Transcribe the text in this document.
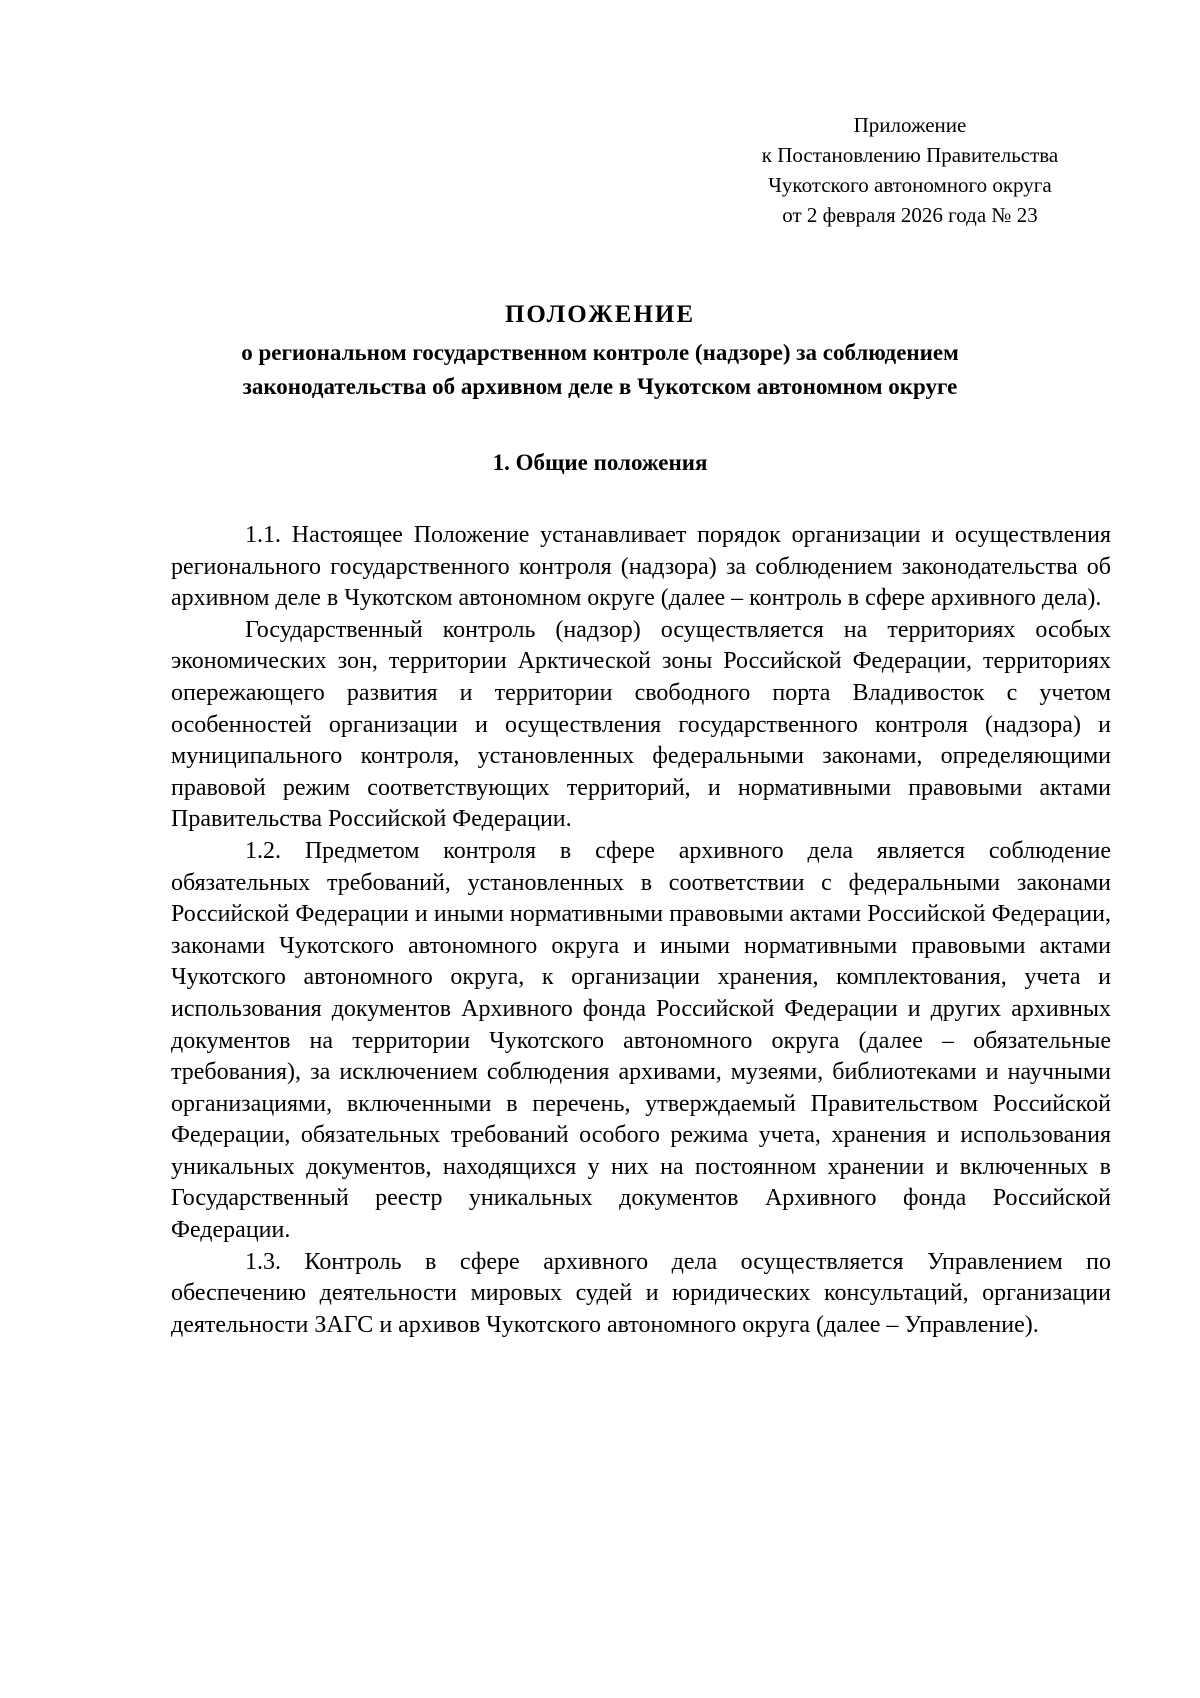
Приложение
к Постановлению Правительства
Чукотского автономного округа
от 2 февраля 2026 года № 23
ПОЛОЖЕНИЕ
о региональном государственном контроле (надзоре) за соблюдением законодательства об архивном деле в Чукотском автономном округе
1. Общие положения

1.1. Настоящее Положение устанавливает порядок организации и осуществления регионального государственного контроля (надзора) за соблюдением законодательства об архивном деле в Чукотском автономном округе (далее – контроль в сфере архивного дела).

Государственный контроль (надзор) осуществляется на территориях особых экономических зон, территории Арктической зоны Российской Федерации, территориях опережающего развития и территории свободного порта Владивосток с учетом особенностей организации и осуществления государственного контроля (надзора) и муниципального контроля, установленных федеральными законами, определяющими правовой режим соответствующих территорий, и нормативными правовыми актами Правительства Российской Федерации.

1.2. Предметом контроля в сфере архивного дела является соблюдение обязательных требований, установленных в соответствии с федеральными законами Российской Федерации и иными нормативными правовыми актами Российской Федерации, законами Чукотского автономного округа и иными нормативными правовыми актами Чукотского автономного округа, к организации хранения, комплектования, учета и использования документов Архивного фонда Российской Федерации и других архивных документов на территории Чукотского автономного округа (далее – обязательные требования), за исключением соблюдения архивами, музеями, библиотеками и научными организациями, включенными в перечень, утверждаемый Правительством Российской Федерации, обязательных требований особого режима учета, хранения и использования уникальных документов, находящихся у них на постоянном хранении и включенных в Государственный реестр уникальных документов Архивного фонда Российской Федерации.

1.3. Контроль в сфере архивного дела осуществляется Управлением по обеспечению деятельности мировых судей и юридических консультаций, организации деятельности ЗАГС и архивов Чукотского автономного округа (далее – Управление).
